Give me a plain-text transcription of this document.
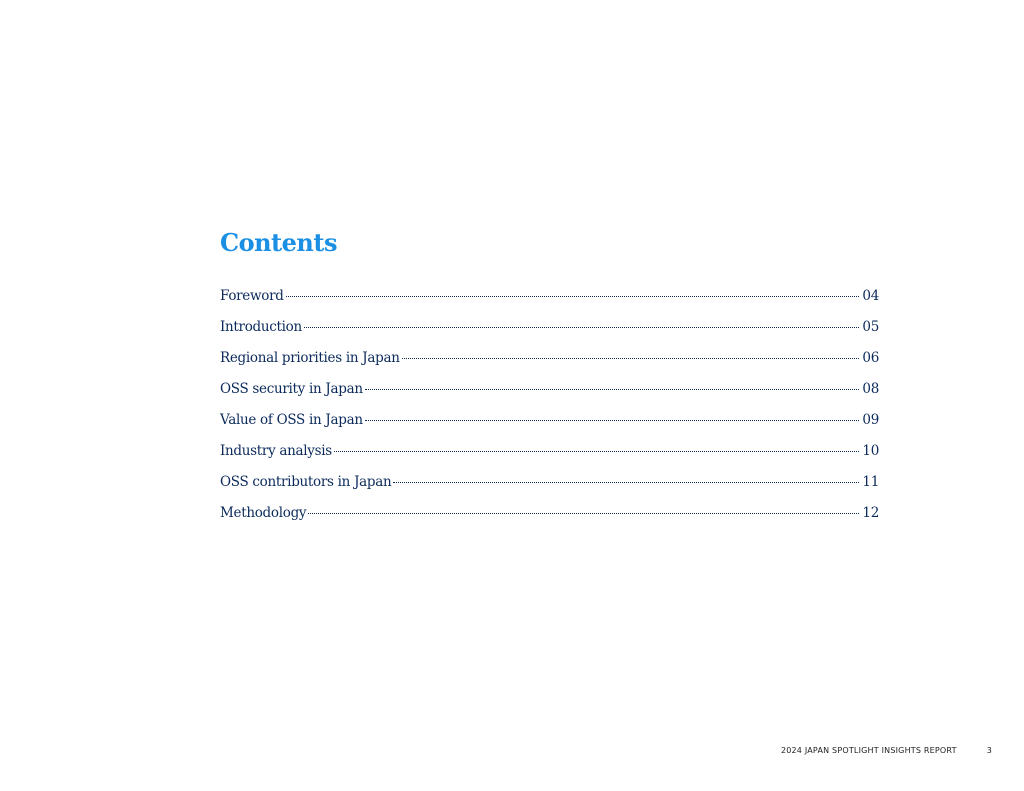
Contents
Foreword	04
Introduction	05
Regional priorities in Japan	06
OSS security in Japan	08
Value of OSS in Japan	09
Industry analysis	10
OSS contributors in Japan	11
Methodology	12
2024 JAPAN SPOTLIGHT INSIGHTS REPORT	3
